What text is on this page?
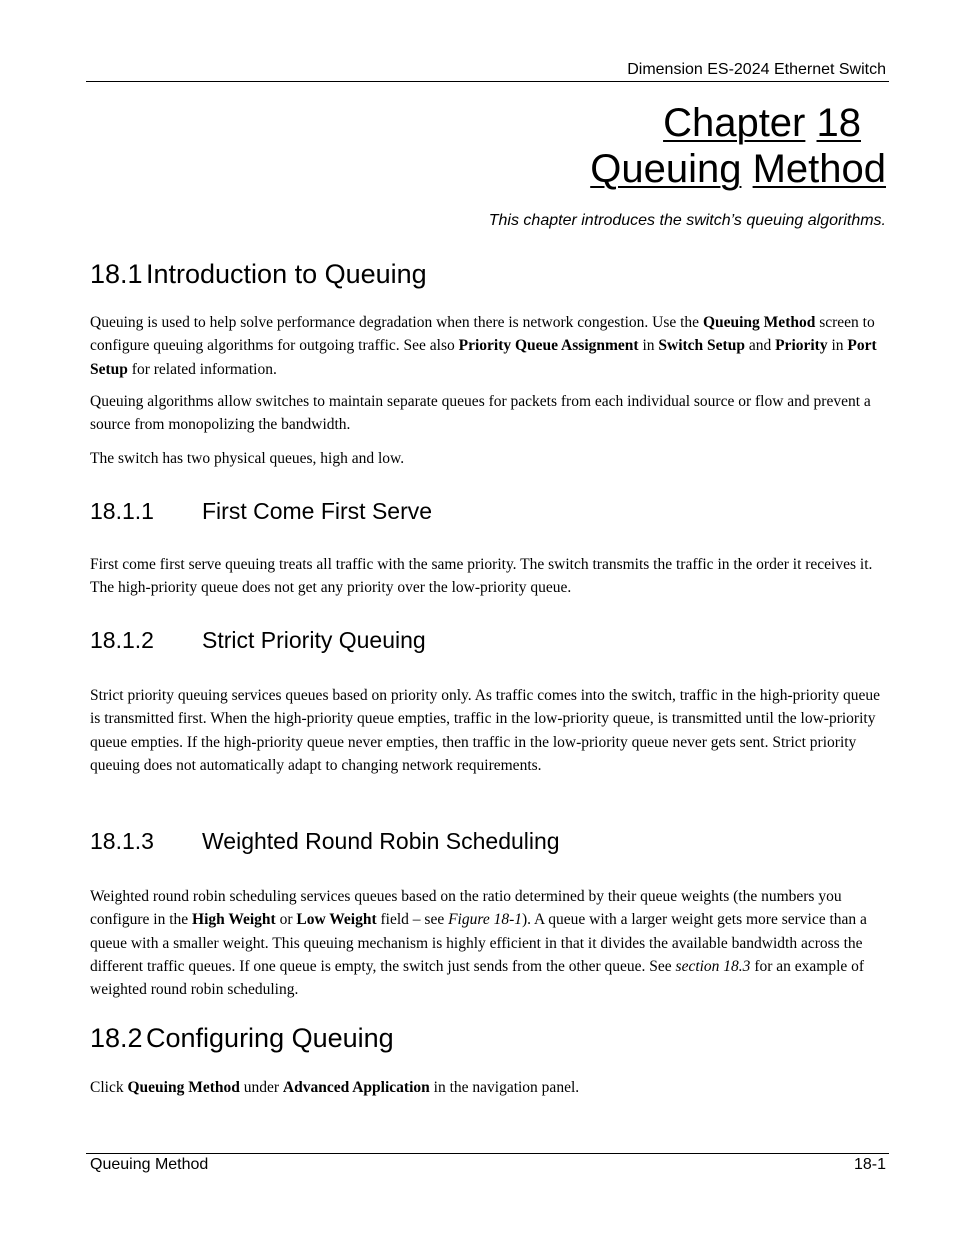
Dimension ES-2024 Ethernet Switch
Chapter 18
Queuing Method
This chapter introduces the switch’s queuing algorithms.
18.1 Introduction to Queuing
Queuing is used to help solve performance degradation when there is network congestion. Use the Queuing Method screen to configure queuing algorithms for outgoing traffic. See also Priority Queue Assignment in Switch Setup and Priority in Port Setup for related information.
Queuing algorithms allow switches to maintain separate queues for packets from each individual source or flow and prevent a source from monopolizing the bandwidth.
The switch has two physical queues, high and low.
18.1.1 First Come First Serve
First come first serve queuing treats all traffic with the same priority. The switch transmits the traffic in the order it receives it. The high-priority queue does not get any priority over the low-priority queue.
18.1.2 Strict Priority Queuing
Strict priority queuing services queues based on priority only. As traffic comes into the switch, traffic in the high-priority queue is transmitted first. When the high-priority queue empties, traffic in the low-priority queue, is transmitted until the low-priority queue empties. If the high-priority queue never empties, then traffic in the low-priority queue never gets sent. Strict priority queuing does not automatically adapt to changing network requirements.
18.1.3 Weighted Round Robin Scheduling
Weighted round robin scheduling services queues based on the ratio determined by their queue weights (the numbers you configure in the High Weight or Low Weight field – see Figure 18-1). A queue with a larger weight gets more service than a queue with a smaller weight. This queuing mechanism is highly efficient in that it divides the available bandwidth across the different traffic queues. If one queue is empty, the switch just sends from the other queue. See section 18.3 for an example of weighted round robin scheduling.
18.2 Configuring Queuing
Click Queuing Method under Advanced Application in the navigation panel.
Queuing Method	18-1
